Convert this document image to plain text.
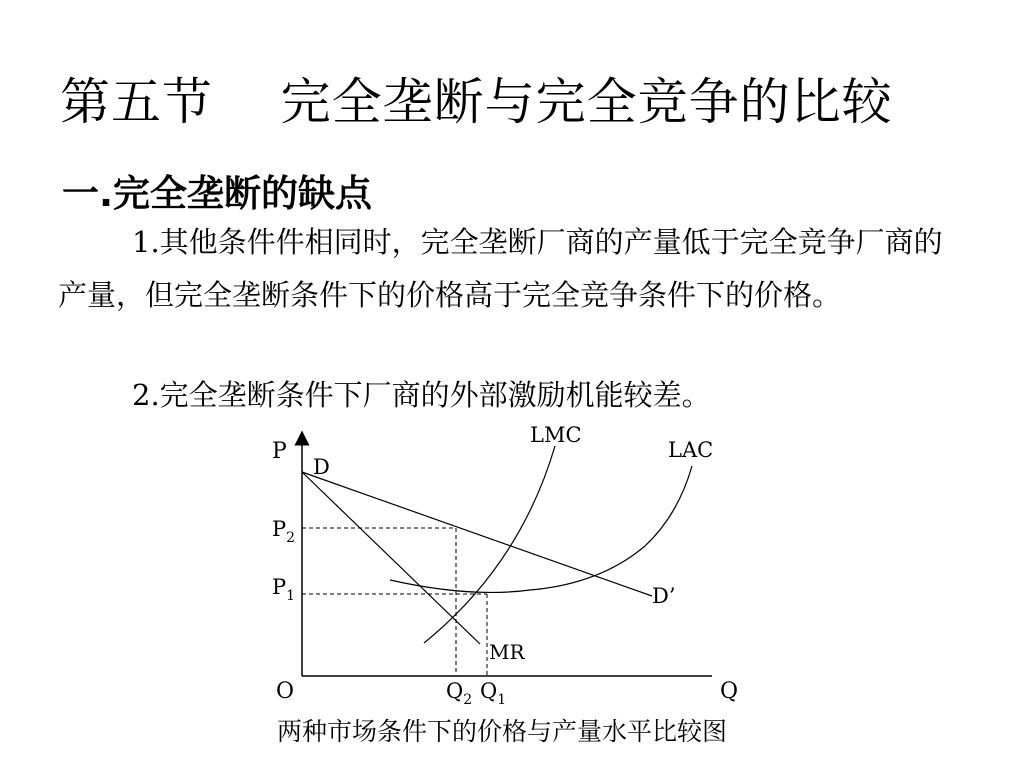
第五节    完全垄断与完全竞争的比较
一.完全垄断的缺点
1.其他条件件相同时，完全垄断厂商的产量低于完全竞争厂商的产量，但完全垄断条件下的价格高于完全竞争条件下的价格。
2.完全垄断条件下厂商的外部激励机能较差。
P
Q
O
LMC
LAC
D
D’
MR
$P_2$
$P_1$
$Q_2$ $Q_1$
两种市场条件下的价格与产量水平比较图
